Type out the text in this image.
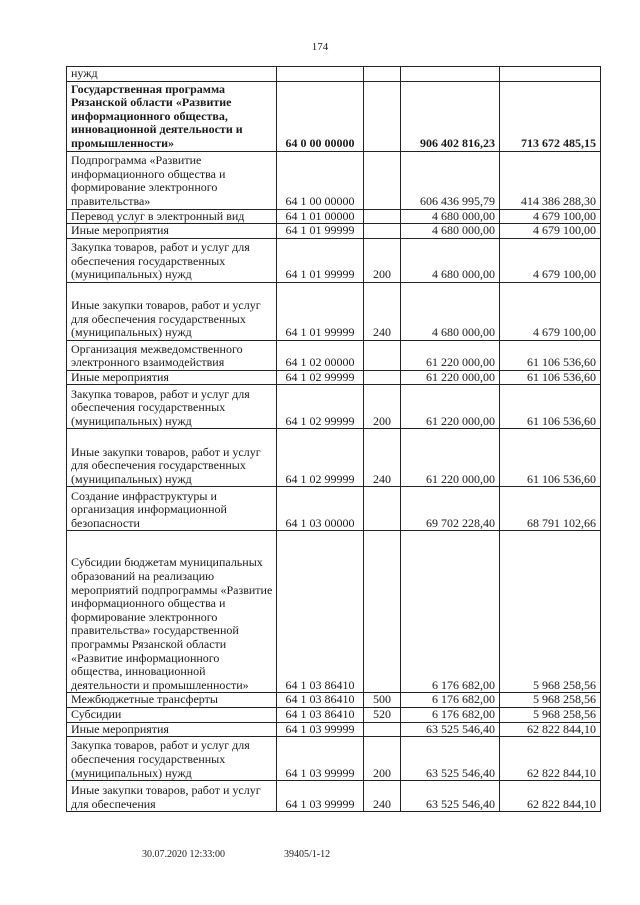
174
нужд				
Государственная программа Рязанской области «Развитие информационного общества, инновационной деятельности и промышленности»	64 0 00 00000		906 402 816,23	713 672 485,15
Подпрограмма «Развитие информационного общества и формирование электронного правительства»	64 1 00 00000		606 436 995,79	414 386 288,30
Перевод услуг в электронный вид	64 1 01 00000		4 680 000,00	4 679 100,00
Иные мероприятия	64 1 01 99999		4 680 000,00	4 679 100,00
Закупка товаров, работ и услуг для обеспечения государственных (муниципальных) нужд	64 1 01 99999	200	4 680 000,00	4 679 100,00
Иные закупки товаров, работ и услуг для обеспечения государственных (муниципальных) нужд	64 1 01 99999	240	4 680 000,00	4 679 100,00
Организация межведомственного электронного взаимодействия	64 1 02 00000		61 220 000,00	61 106 536,60
Иные мероприятия	64 1 02 99999		61 220 000,00	61 106 536,60
Закупка товаров, работ и услуг для обеспечения государственных (муниципальных) нужд	64 1 02 99999	200	61 220 000,00	61 106 536,60
Иные закупки товаров, работ и услуг для обеспечения государственных (муниципальных) нужд	64 1 02 99999	240	61 220 000,00	61 106 536,60
Создание инфраструктуры и организация информационной безопасности	64 1 03 00000		69 702 228,40	68 791 102,66
Субсидии бюджетам муниципальных образований на реализацию мероприятий подпрограммы «Развитие информационного общества и формирование электронного правительства» государственной программы Рязанской области «Развитие информационного общества, инновационной деятельности и промышленности»	64 1 03 86410		6 176 682,00	5 968 258,56
Межбюджетные трансферты	64 1 03 86410	500	6 176 682,00	5 968 258,56
Субсидии	64 1 03 86410	520	6 176 682,00	5 968 258,56
Иные мероприятия	64 1 03 99999		63 525 546,40	62 822 844,10
Закупка товаров, работ и услуг для обеспечения государственных (муниципальных) нужд	64 1 03 99999	200	63 525 546,40	62 822 844,10
Иные закупки товаров, работ и услуг для обеспечения	64 1 03 99999	240	63 525 546,40	62 822 844,10
30.07.2020 12:33:00	39405/1-12
